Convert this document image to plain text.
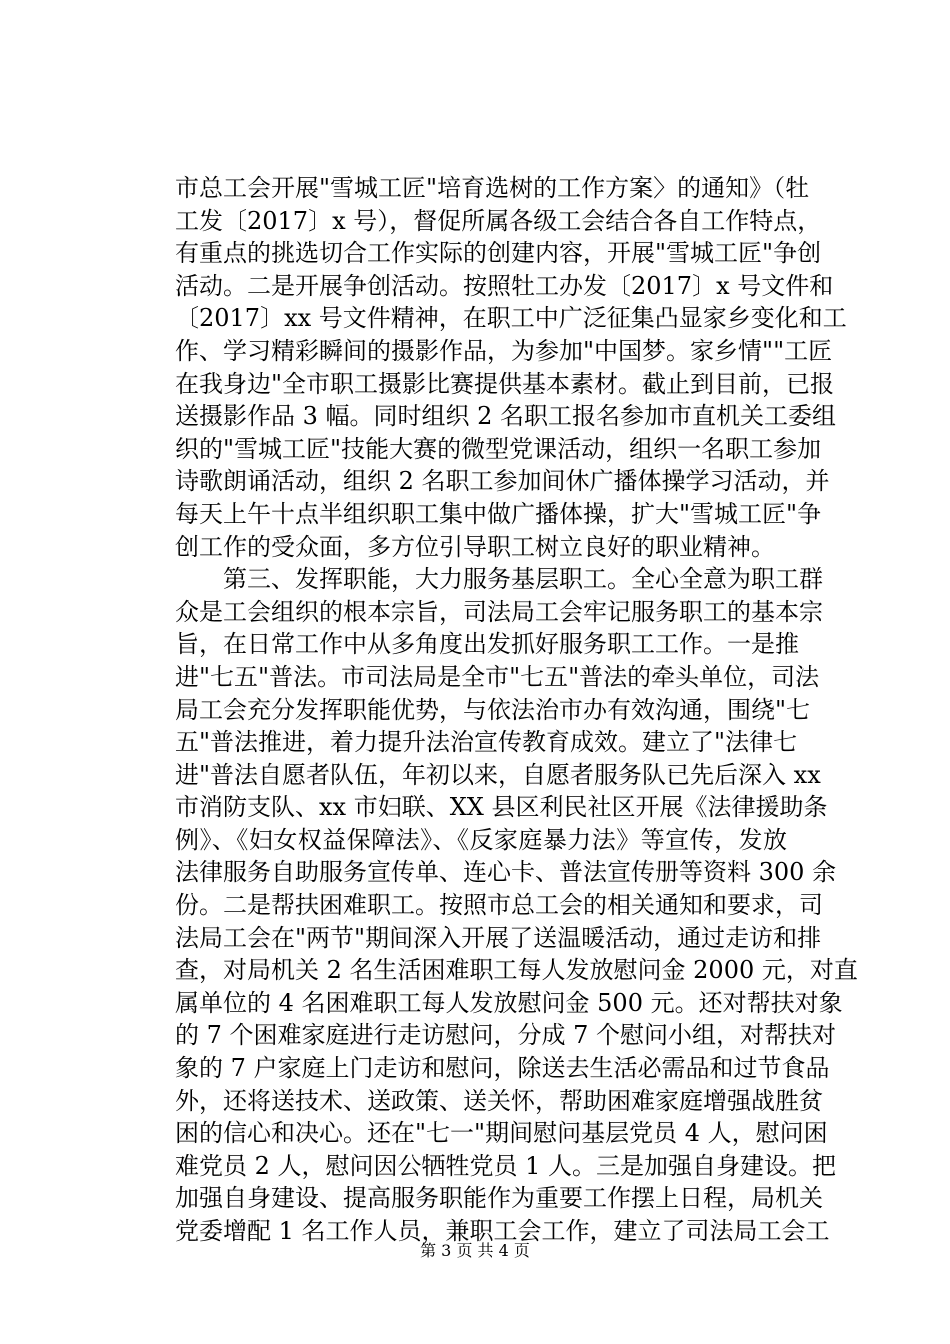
市总工会开展"雪城工匠"培育选树的工作方案〉的通知》（牡
工发〔2017〕x 号），督促所属各级工会结合各自工作特点，
有重点的挑选切合工作实际的创建内容，开展"雪城工匠"争创
活动。二是开展争创活动。按照牡工办发〔2017〕x 号文件和
〔2017〕xx 号文件精神，在职工中广泛征集凸显家乡变化和工
作、学习精彩瞬间的摄影作品，为参加"中国梦。家乡情""工匠
在我身边"全市职工摄影比赛提供基本素材。截止到目前，已报
送摄影作品 3 幅。同时组织 2 名职工报名参加市直机关工委组
织的"雪城工匠"技能大赛的微型党课活动，组织一名职工参加
诗歌朗诵活动，组织 2 名职工参加间休广播体操学习活动，并
每天上午十点半组织职工集中做广播体操，扩大"雪城工匠"争
创工作的受众面，多方位引导职工树立良好的职业精神。
　　第三、发挥职能，大力服务基层职工。全心全意为职工群
众是工会组织的根本宗旨，司法局工会牢记服务职工的基本宗
旨，在日常工作中从多角度出发抓好服务职工工作。一是推
进"七五"普法。市司法局是全市"七五"普法的牵头单位，司法
局工会充分发挥职能优势，与依法治市办有效沟通，围绕"七
五"普法推进，着力提升法治宣传教育成效。建立了"法律七
进"普法自愿者队伍，年初以来，自愿者服务队已先后深入 xx
市消防支队、xx 市妇联、XX 县区利民社区开展《法律援助条
例》、《妇女权益保障法》、《反家庭暴力法》等宣传，发放
法律服务自助服务宣传单、连心卡、普法宣传册等资料 300 余
份。二是帮扶困难职工。按照市总工会的相关通知和要求，司
法局工会在"两节"期间深入开展了送温暖活动，通过走访和排
查，对局机关 2 名生活困难职工每人发放慰问金 2000 元，对直
属单位的 4 名困难职工每人发放慰问金 500 元。还对帮扶对象
的 7 个困难家庭进行走访慰问，分成 7 个慰问小组，对帮扶对
象的 7 户家庭上门走访和慰问，除送去生活必需品和过节食品
外，还将送技术、送政策、送关怀，帮助困难家庭增强战胜贫
困的信心和决心。还在"七一"期间慰问基层党员 4 人，慰问困
难党员 2 人，慰问因公牺牲党员 1 人。三是加强自身建设。把
加强自身建设、提高服务职能作为重要工作摆上日程，局机关
党委增配 1 名工作人员，兼职工会工作，建立了司法局工会工
第 3 页 共 4 页
